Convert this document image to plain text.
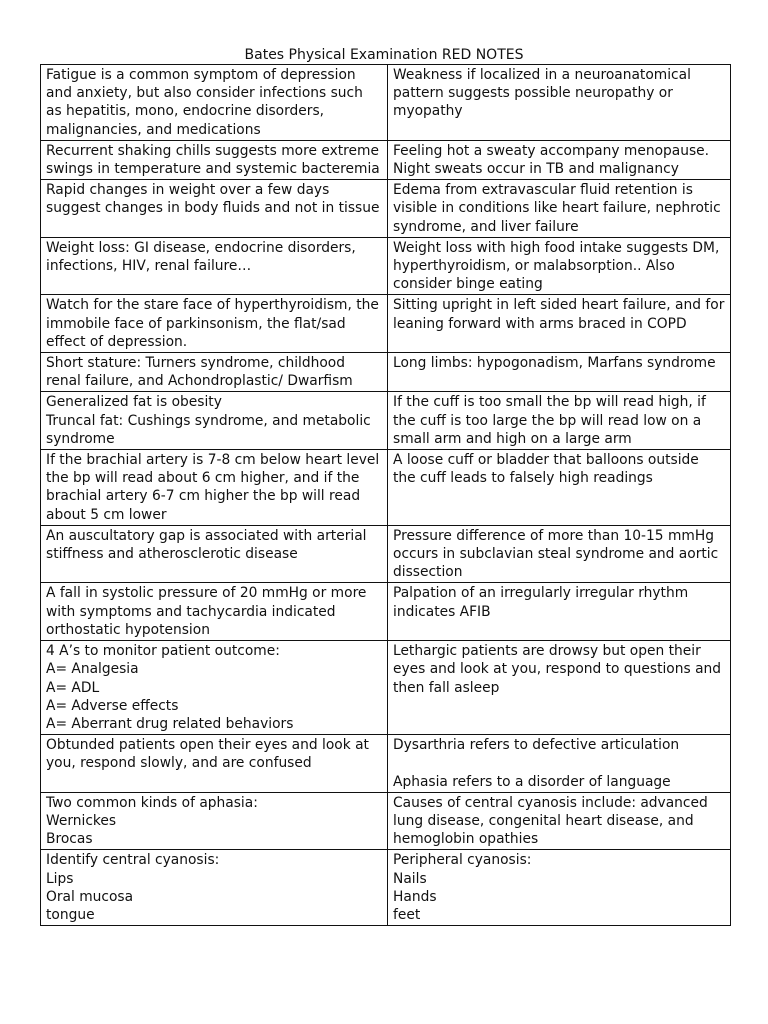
Bates Physical Examination RED NOTES
Fatigue is a common symptom of depression and anxiety, but also consider infections such as hepatitis, mono, endocrine disorders, malignancies, and medications	Weakness if localized in a neuroanatomical pattern suggests possible neuropathy or myopathy
Recurrent shaking chills suggests more extreme swings in temperature and systemic bacteremia	Feeling hot a sweaty accompany menopause. Night sweats occur in TB and malignancy
Rapid changes in weight over a few days suggest changes in body fluids and not in tissue	Edema from extravascular fluid retention is visible in conditions like heart failure, nephrotic syndrome, and liver failure
Weight loss: GI disease, endocrine disorders, infections, HIV, renal failure…	Weight loss with high food intake suggests DM, hyperthyroidism, or malabsorption.. Also consider binge eating
Watch for the stare face of hyperthyroidism, the immobile face of parkinsonism, the flat/sad effect of depression.	Sitting upright in left sided heart failure, and for leaning forward with arms braced in COPD
Short stature: Turners syndrome, childhood renal failure, and Achondroplastic/ Dwarfism	Long limbs: hypogonadism, Marfans syndrome
Generalized fat is obesity
Truncal fat: Cushings syndrome, and metabolic syndrome	If the cuff is too small the bp will read high, if the cuff is too large the bp will read low on a small arm and high on a large arm
If the brachial artery is 7-8 cm below heart level the bp will read about 6 cm higher, and if the brachial artery 6-7 cm higher the bp will read about 5 cm lower	A loose cuff or bladder that balloons outside the cuff leads to falsely high readings
An auscultatory gap is associated with arterial stiffness and atherosclerotic disease	Pressure difference of more than 10-15 mmHg occurs in subclavian steal syndrome and aortic dissection
A fall in systolic pressure of 20 mmHg or more with symptoms and tachycardia indicated orthostatic hypotension	Palpation of an irregularly irregular rhythm indicates AFIB
4 A’s to monitor patient outcome:
A= Analgesia
A= ADL
A= Adverse effects
A= Aberrant drug related behaviors	Lethargic patients are drowsy but open their eyes and look at you, respond to questions and then fall asleep
Obtunded patients open their eyes and look at you, respond slowly, and are confused	Dysarthria refers to defective articulation

Aphasia refers to a disorder of language
Two common kinds of aphasia:
Wernickes
Brocas	Causes of central cyanosis include: advanced lung disease, congenital heart disease, and hemoglobin opathies
Identify central cyanosis:
Lips
Oral mucosa
tongue	Peripheral cyanosis:
Nails
Hands
feet
